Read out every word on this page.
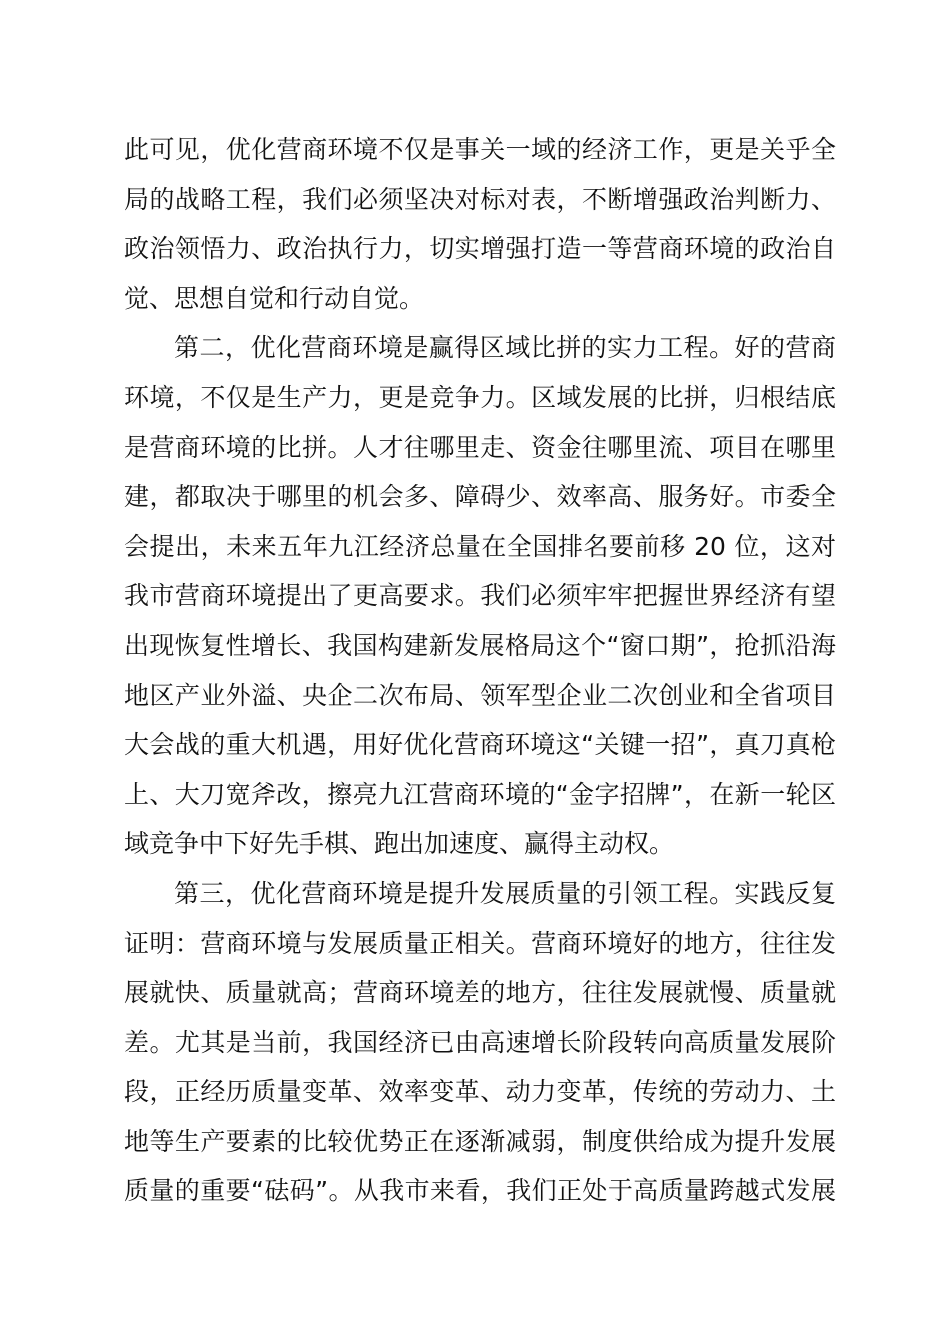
此可见，优化营商环境不仅是事关一域的经济工作，更是关乎全
局的战略工程，我们必须坚决对标对表，不断增强政治判断力、
政治领悟力、政治执行力，切实增强打造一等营商环境的政治自
觉、思想自觉和行动自觉。
第二，优化营商环境是赢得区域比拼的实力工程。好的营商
环境，不仅是生产力，更是竞争力。区域发展的比拼，归根结底
是营商环境的比拼。人才往哪里走、资金往哪里流、项目在哪里
建，都取决于哪里的机会多、障碍少、效率高、服务好。市委全
会提出，未来五年九江经济总量在全国排名要前移 20 位，这对
我市营商环境提出了更高要求。我们必须牢牢把握世界经济有望
出现恢复性增长、我国构建新发展格局这个“窗口期”，抢抓沿海
地区产业外溢、央企二次布局、领军型企业二次创业和全省项目
大会战的重大机遇，用好优化营商环境这“关键一招”，真刀真枪
上、大刀宽斧改，擦亮九江营商环境的“金字招牌”，在新一轮区
域竞争中下好先手棋、跑出加速度、赢得主动权。
第三，优化营商环境是提升发展质量的引领工程。实践反复
证明：营商环境与发展质量正相关。营商环境好的地方，往往发
展就快、质量就高；营商环境差的地方，往往发展就慢、质量就
差。尤其是当前，我国经济已由高速增长阶段转向高质量发展阶
段，正经历质量变革、效率变革、动力变革，传统的劳动力、土
地等生产要素的比较优势正在逐渐减弱，制度供给成为提升发展
质量的重要“砝码”。从我市来看，我们正处于高质量跨越式发展
